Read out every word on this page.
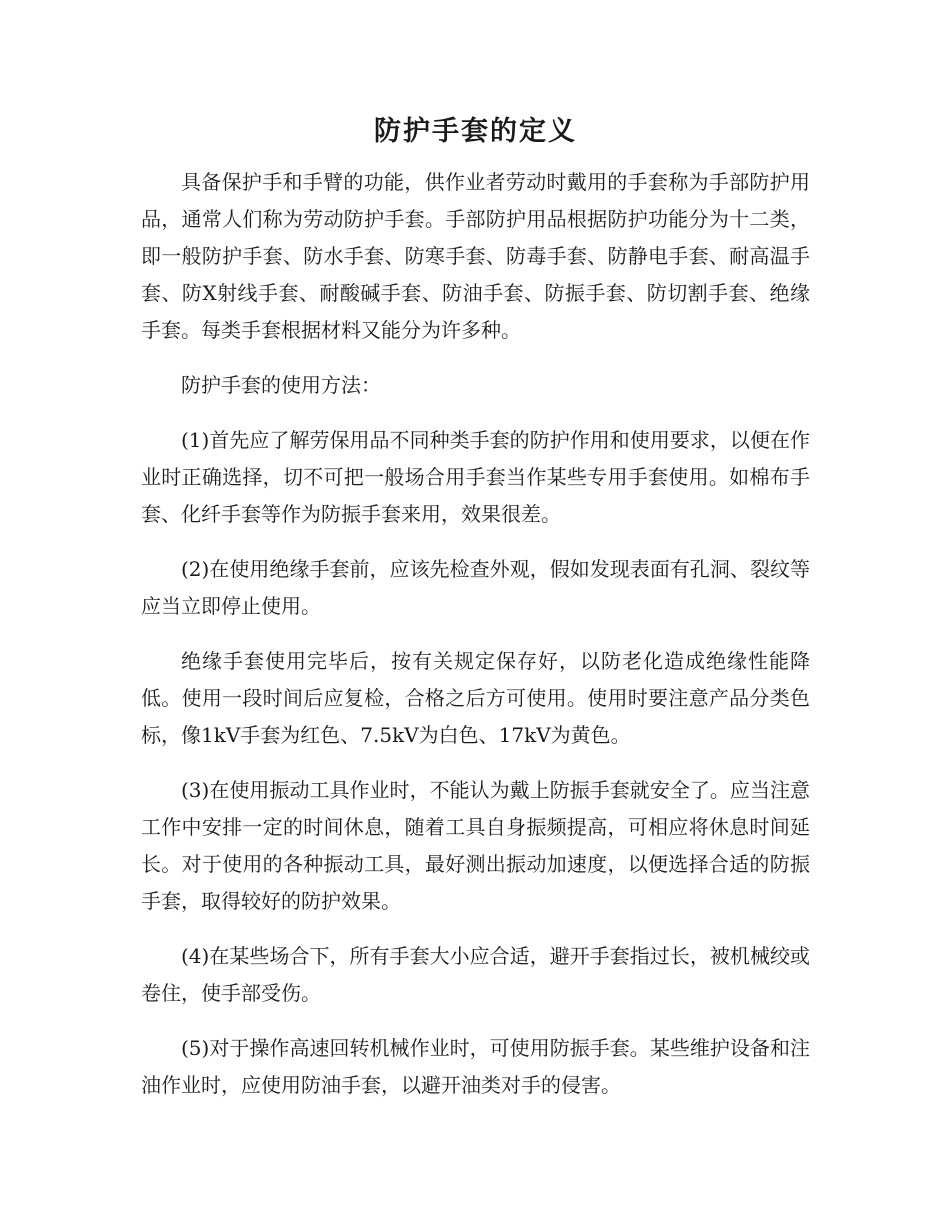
防护手套的定义

具备保护手和手臂的功能，供作业者劳动时戴用的手套称为手部防护用品，通常人们称为劳动防护手套。手部防护用品根据防护功能分为十二类，即一般防护手套、防水手套、防寒手套、防毒手套、防静电手套、耐高温手套、防X射线手套、耐酸碱手套、防油手套、防振手套、防切割手套、绝缘手套。每类手套根据材料又能分为许多种。

防护手套的使用方法：

(1)首先应了解劳保用品不同种类手套的防护作用和使用要求，以便在作业时正确选择，切不可把一般场合用手套当作某些专用手套使用。如棉布手套、化纤手套等作为防振手套来用，效果很差。

(2)在使用绝缘手套前，应该先检查外观，假如发现表面有孔洞、裂纹等应当立即停止使用。

绝缘手套使用完毕后，按有关规定保存好，以防老化造成绝缘性能降低。使用一段时间后应复检，合格之后方可使用。使用时要注意产品分类色标，像1kV手套为红色、7.5kV为白色、17kV为黄色。

(3)在使用振动工具作业时，不能认为戴上防振手套就安全了。应当注意工作中安排一定的时间休息，随着工具自身振频提高，可相应将休息时间延长。对于使用的各种振动工具，最好测出振动加速度，以便选择合适的防振手套，取得较好的防护效果。

(4)在某些场合下，所有手套大小应合适，避开手套指过长，被机械绞或卷住，使手部受伤。

(5)对于操作高速回转机械作业时，可使用防振手套。某些维护设备和注油作业时，应使用防油手套，以避开油类对手的侵害。
